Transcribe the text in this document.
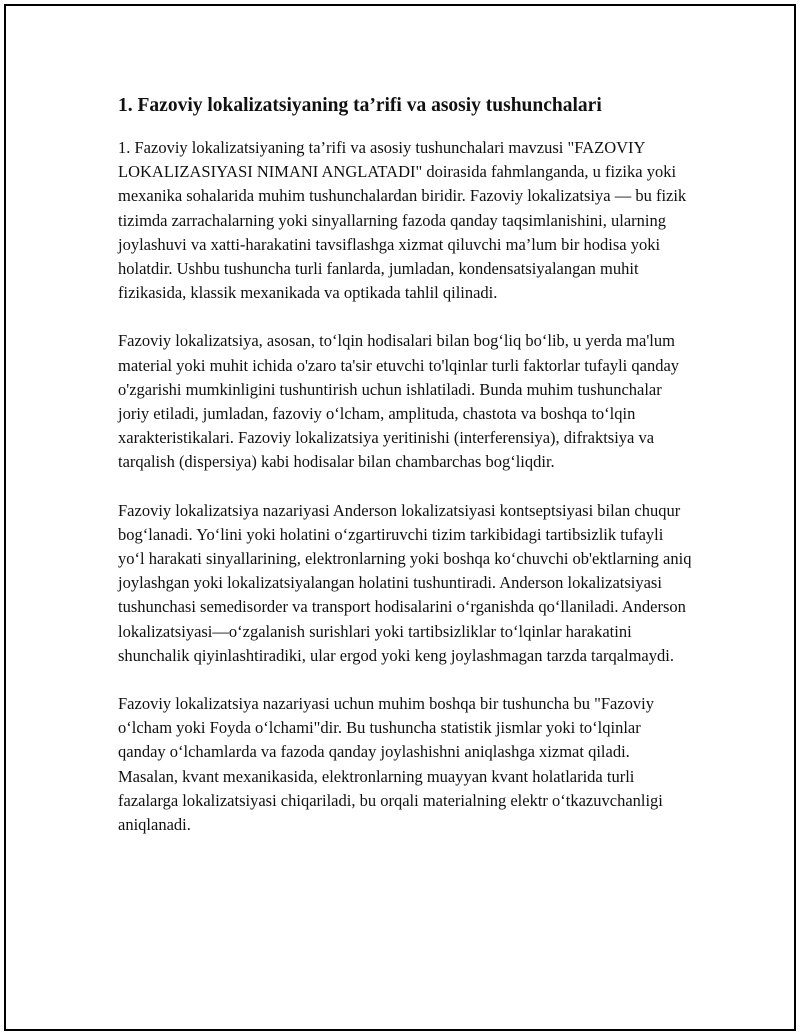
1. Fazoviy lokalizatsiyaning ta’rifi va asosiy tushunchalari

1. Fazoviy lokalizatsiyaning ta’rifi va asosiy tushunchalari mavzusi "FAZOVIY LOKALIZASIYASI NIMANI ANGLATADI" doirasida fahmlanganda, u fizika yoki mexanika sohalarida muhim tushunchalardan biridir. Fazoviy lokalizatsiya — bu fizik tizimda zarrachalarning yoki sinyallarning fazoda qanday taqsimlanishini, ularning joylashuvi va xatti-harakatini tavsiflashga xizmat qiluvchi ma’lum bir hodisa yoki holatdir. Ushbu tushuncha turli fanlarda, jumladan, kondensatsiyalangan muhit fizikasida, klassik mexanikada va optikada tahlil qilinadi.

Fazoviy lokalizatsiya, asosan, to‘lqin hodisalari bilan bog‘liq bo‘lib, u yerda ma'lum material yoki muhit ichida o'zaro ta'sir etuvchi to'lqinlar turli faktorlar tufayli qanday o'zgarishi mumkinligini tushuntirish uchun ishlatiladi. Bunda muhim tushunchalar joriy etiladi, jumladan, fazoviy o‘lcham, amplituda, chastota va boshqa to‘lqin xarakteristikalari. Fazoviy lokalizatsiya yeritinishi (interferensiya), difraktsiya va tarqalish (dispersiya) kabi hodisalar bilan chambarchas bog‘liqdir.

Fazoviy lokalizatsiya nazariyasi Anderson lokalizatsiyasi kontseptsiyasi bilan chuqur bog‘lanadi. Yo‘lini yoki holatini o‘zgartiruvchi tizim tarkibidagi tartibsizlik tufayli yo‘l harakati sinyallarining, elektronlarning yoki boshqa ko‘chuvchi ob'ektlarning aniq joylashgan yoki lokalizatsiyalangan holatini tushuntiradi. Anderson lokalizatsiyasi tushunchasi semedisorder va transport hodisalarini o‘rganishda qo‘llaniladi. Anderson lokalizatsiyasi—o‘zgalanish surishlari yoki tartibsizliklar to‘lqinlar harakatini shunchalik qiyinlashtiradiki, ular ergod yoki keng joylashmagan tarzda tarqalmaydi.

Fazoviy lokalizatsiya nazariyasi uchun muhim boshqa bir tushuncha bu "Fazoviy o‘lcham yoki Foyda o‘lchami"dir. Bu tushuncha statistik jismlar yoki to‘lqinlar qanday o‘lchamlarda va fazoda qanday joylashishni aniqlashga xizmat qiladi. Masalan, kvant mexanikasida, elektronlarning muayyan kvant holatlarida turli fazalarga lokalizatsiyasi chiqariladi, bu orqali materialning elektr o‘tkazuvchanligi aniqlanadi.
